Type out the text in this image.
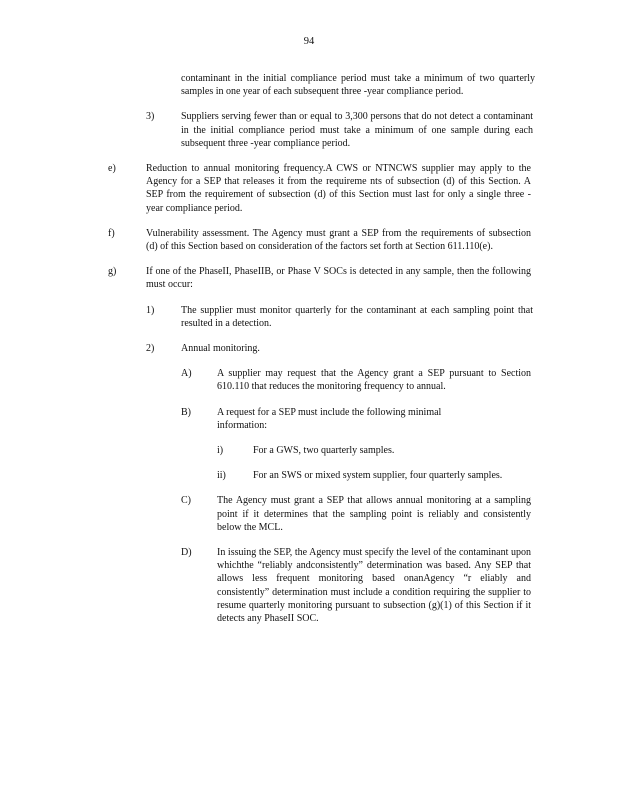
94
contaminant in the initial compliance period must take a minimum of two quarterly samples in one year of each subsequent three -year compliance period.
3)	Suppliers serving fewer than or equal to 3,300 persons that do not detect a contaminant in the initial compliance period must take a minimum of one sample during each subsequent three -year compliance period.
e)	Reduction to annual monitoring frequency.A CWS or NTNCWS supplier may apply to the Agency for a SEP that releases it from the requireme nts of subsection (d) of this Section. A SEP from the requirement of subsection (d) of this Section must last for only a single three -year compliance period.
f)	Vulnerability assessment. The Agency must grant a SEP from the requirements of subsection (d) of this Section based on consideration of the factors set forth at Section 611.110(e).
g)	If one of the PhaseII, PhaseIIB, or Phase V SOCs is detected in any sample, then the following must occur:
1)	The supplier must monitor quarterly for the contaminant at each sampling point that resulted in a detection.
2)	Annual monitoring.
A)	A supplier may request that the Agency grant a SEP pursuant to Section 610.110 that reduces the monitoring frequency to annual.
B)	A request for a SEP must include the following minimal information:
i)	For a GWS, two quarterly samples.
ii)	For an SWS or mixed system supplier, four quarterly samples.
C)	The Agency must grant a SEP that allows annual monitoring at a sampling point if it determines that the sampling point is reliably and consistently below the MCL.
D)	In issuing the SEP, the Agency must specify the level of the contaminant upon whichthe “reliably andconsistently” determination was based. Any SEP that allows less frequent monitoring based onanAgency “r eliably and consistently” determination must include a condition requiring the supplier to resume quarterly monitoring pursuant to subsection (g)(1) of this Section if it detects any PhaseII SOC.
